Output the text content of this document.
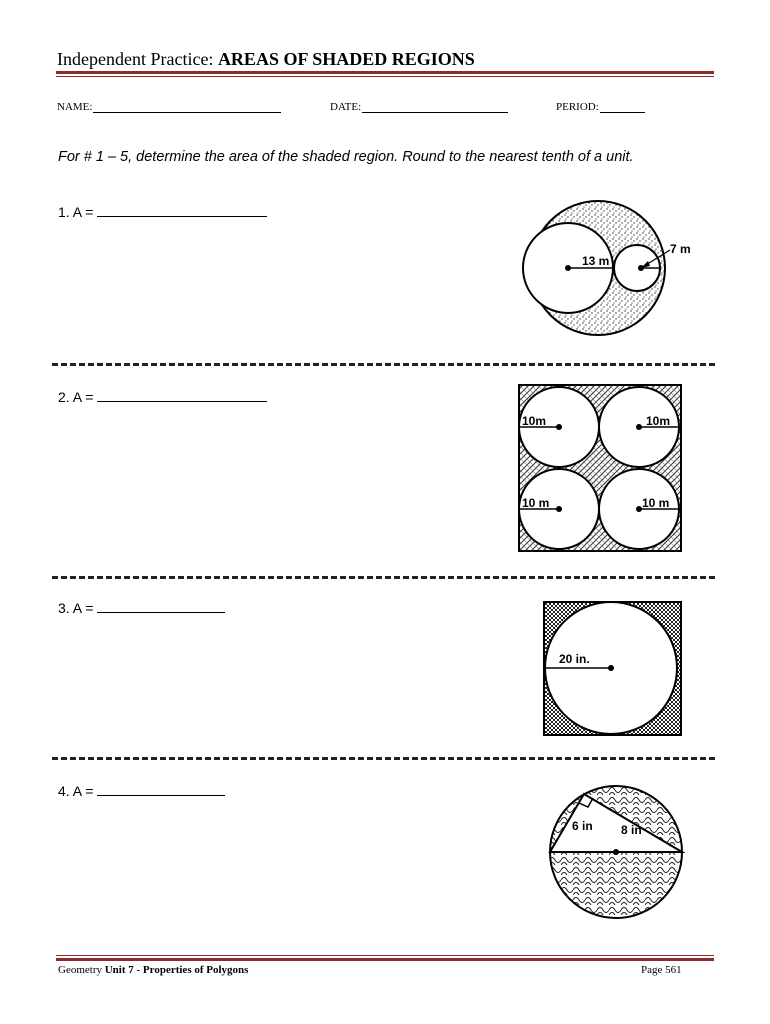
Independent Practice: AREAS OF SHADED REGIONS
NAME:	DATE:	PERIOD:
For # 1 – 5, determine the area of the shaded region. Round to the nearest tenth of a unit.
1. A =
2. A =
3. A =
4. A =
13 m
7 m
10m	10m
10 m	10 m
20 in.
6 in 8 in
Geometry Unit 7 - Properties of Polygons	Page 561
